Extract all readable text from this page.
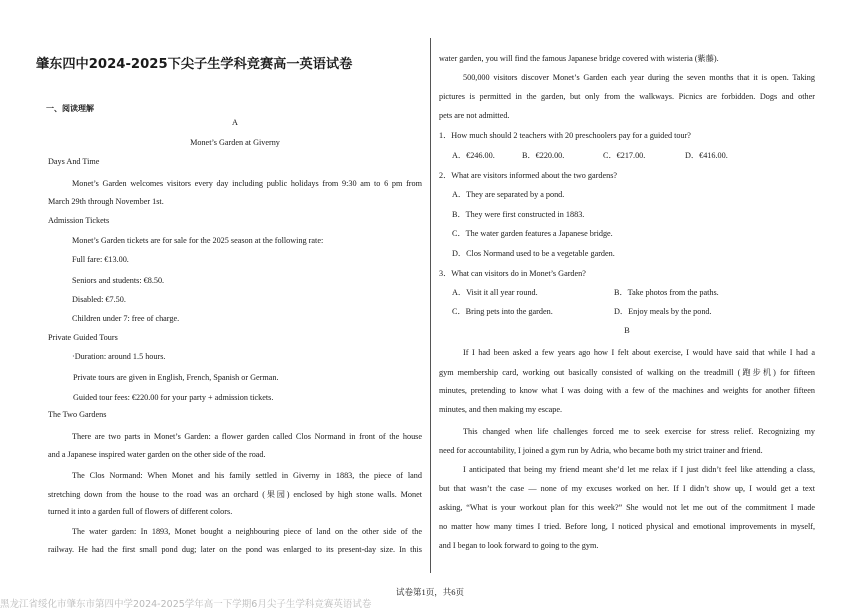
肇东四中2024-2025下尖子生学科竞赛高一英语试卷
一、阅读理解
A
Monet’s Garden at Giverny
Days And Time
Monet’s Garden welcomes visitors every day including public holidays from 9:30 am to 6 pm from
March 29th through November 1st.
Admission Tickets
Monet’s Garden tickets are for sale for the 2025 season at the following rate:
Full fare: €13.00.
Seniors and students: €8.50.
Disabled: €7.50.
Children under 7: free of charge.
Private Guided Tours
·Duration: around 1.5 hours.
Private tours are given in English, French, Spanish or German.
Guided tour fees: €220.00 for your party + admission tickets.
The Two Gardens
There are two parts in Monet’s Garden: a flower garden called Clos Normand in front of the house
and a Japanese inspired water garden on the other side of the road.
The Clos Normand: When Monet and his family settled in Giverny in 1883, the piece of land
stretching down from the house to the road was an orchard (果园) enclosed by high stone walls. Monet
turned it into a garden full of flowers of different colors.
The water garden: In 1893, Monet bought a neighbouring piece of land on the other side of the
railway. He had the first small pond dug; later on the pond was enlarged to its present-day size. In this
water garden, you will find the famous Japanese bridge covered with wisteria (紫藤).
500,000 visitors discover Monet’s Garden each year during the seven months that it is open. Taking
pictures is permitted in the garden, but only from the walkways. Picnics are forbidden. Dogs and other
pets are not admitted.
1．How much should 2 teachers with 20 preschoolers pay for a guided tour?
A．€246.00.	B．€220.00.	C．€217.00.	D．€416.00.
2．What are visitors informed about the two gardens?
A．They are separated by a pond.
B．They were first constructed in 1883.
C．The water garden features a Japanese bridge.
D．Clos Normand used to be a vegetable garden.
3．What can visitors do in Monet’s Garden?
A．Visit it all year round.	B．Take photos from the paths.
C．Bring pets into the garden.	D．Enjoy meals by the pond.
B
If I had been asked a few years ago how I felt about exercise, I would have said that while I had a
gym membership card, working out basically consisted of walking on the treadmill (跑步机) for fifteen
minutes, pretending to know what I was doing with a few of the machines and weights for another fifteen
minutes, and then making my escape.
This changed when life challenges forced me to seek exercise for stress relief. Recognizing my
need for accountability, I joined a gym run by Adria, who became both my strict trainer and friend.
I anticipated that being my friend meant she’d let me relax if I just didn’t feel like attending a class,
but that wasn’t the case — none of my excuses worked on her. If I didn’t show up, I would get a text
asking, “What is your workout plan for this week?” She would not let me out of the commitment I made
no matter how many times I tried. Before long, I noticed physical and emotional improvements in myself,
and I began to look forward to going to the gym.
试卷第1页，共6页
黑龙江省绥化市肇东市第四中学2024-2025学年高一下学期6月尖子生学科竞赛英语试卷
